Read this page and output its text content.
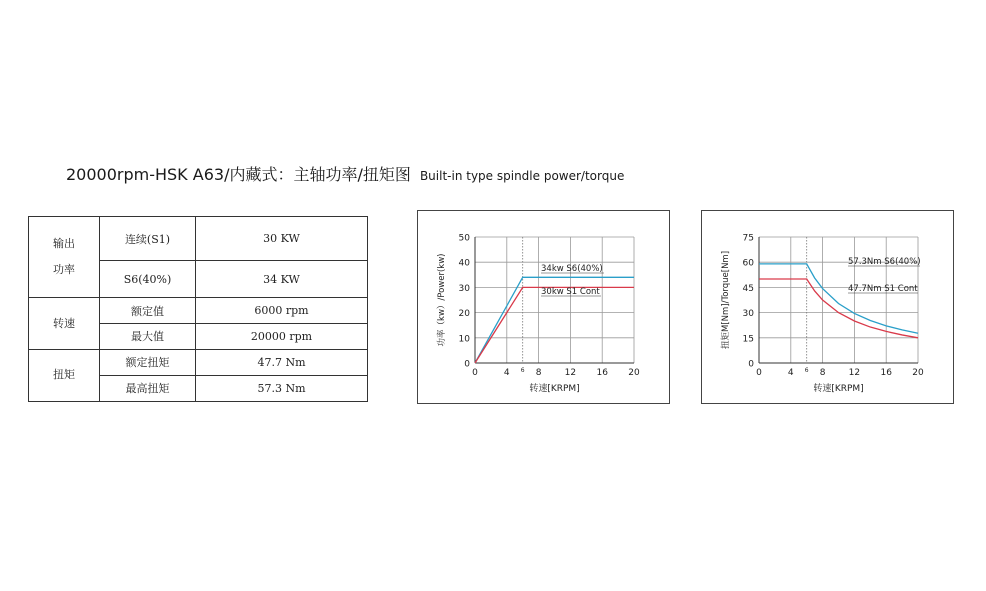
20000rpm-HSK A63/内藏式：主轴功率/扭矩图 Built-in type spindle power/torque
输出
功率	连续(S1)	30 KW
	S6(40%)	34 KW

转速	额定值	6000 rpm
	最大值	20000 rpm

扭矩	额定扭矩	47.7 Nm
	最高扭矩	57.3 Nm
0
10
20
30
40
50
0	4	8	12 16 20
6
转速[KRPM]
功率（kw）/Power(kw)	34kw S6(40%)
30kw S1 Cont
0
15
30
45
60
75
0	4	8	12 16 20
6
转速[KRPM]
扭矩M[Nm]/Torque[Nm]	57.3Nm S6(40%)
47.7Nm S1 Cont
